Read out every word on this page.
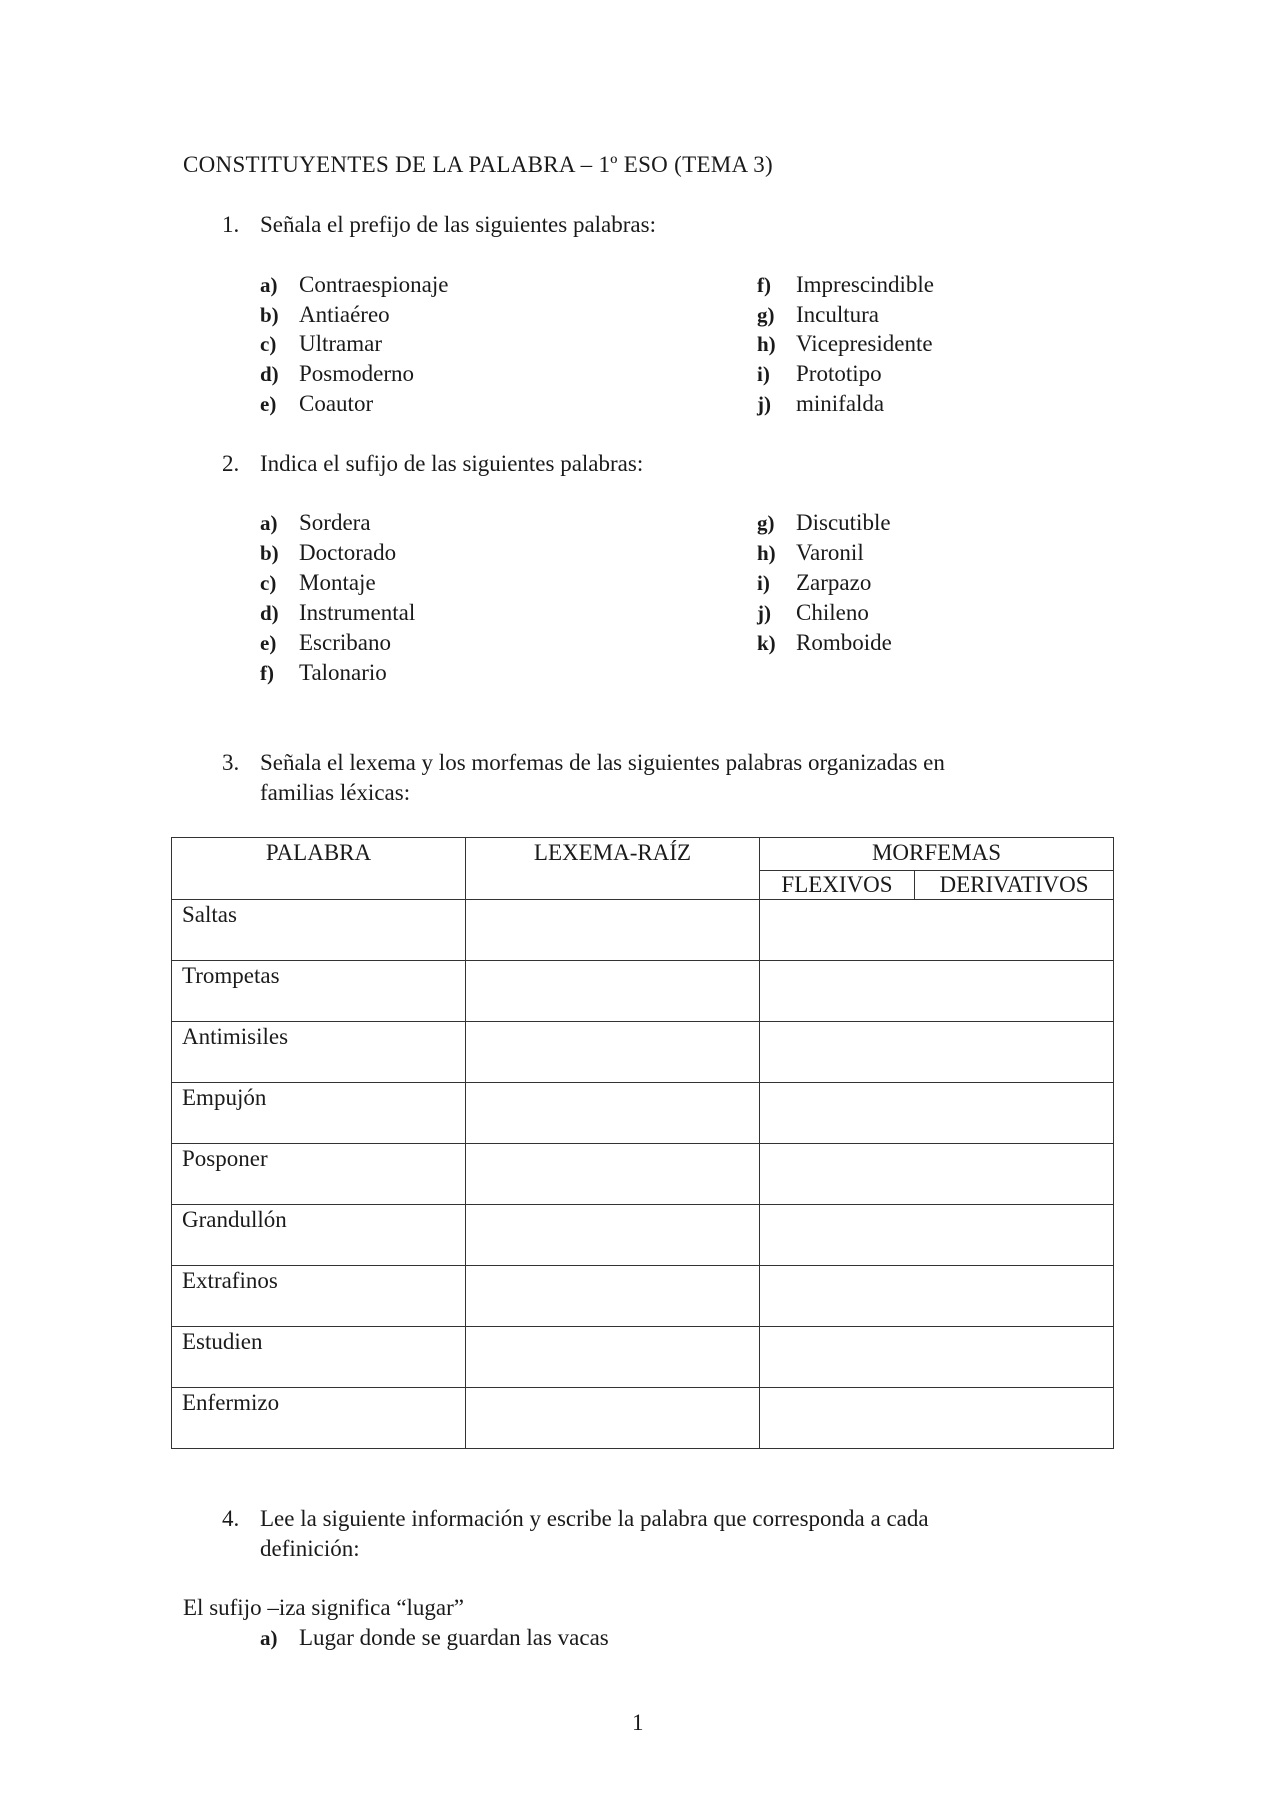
CONSTITUYENTES DE LA PALABRA – 1º ESO (TEMA 3)
1. Señala el prefijo de las siguientes palabras:
a) Contraespionaje
b) Antiaéreo
c) Ultramar
d) Posmoderno
e) Coautor
f) Imprescindible
g) Incultura
h) Vicepresidente
i) Prototipo
j) minifalda
2. Indica el sufijo de las siguientes palabras:
a) Sordera
b) Doctorado
c) Montaje
d) Instrumental
e) Escribano
f) Talonario
g) Discutible
h) Varonil
i) Zarpazo
j) Chileno
k) Romboide
3. Señala el lexema y los morfemas de las siguientes palabras organizadas en
familias léxicas:
PALABRA	LEXEMA-RAÍZ	MORFEMAS	
		FLEXIVOS	DERIVATIVOS

Saltas			

Trompetas			

Antimisiles			

Empujón			

Posponer			

Grandullón			

Extrafinos			

Estudien			

Enfermizo			

4. Lee la siguiente información y escribe la palabra que corresponda a cada
definición:
El sufijo –iza significa “lugar”
a) Lugar donde se guardan las vacas
1
